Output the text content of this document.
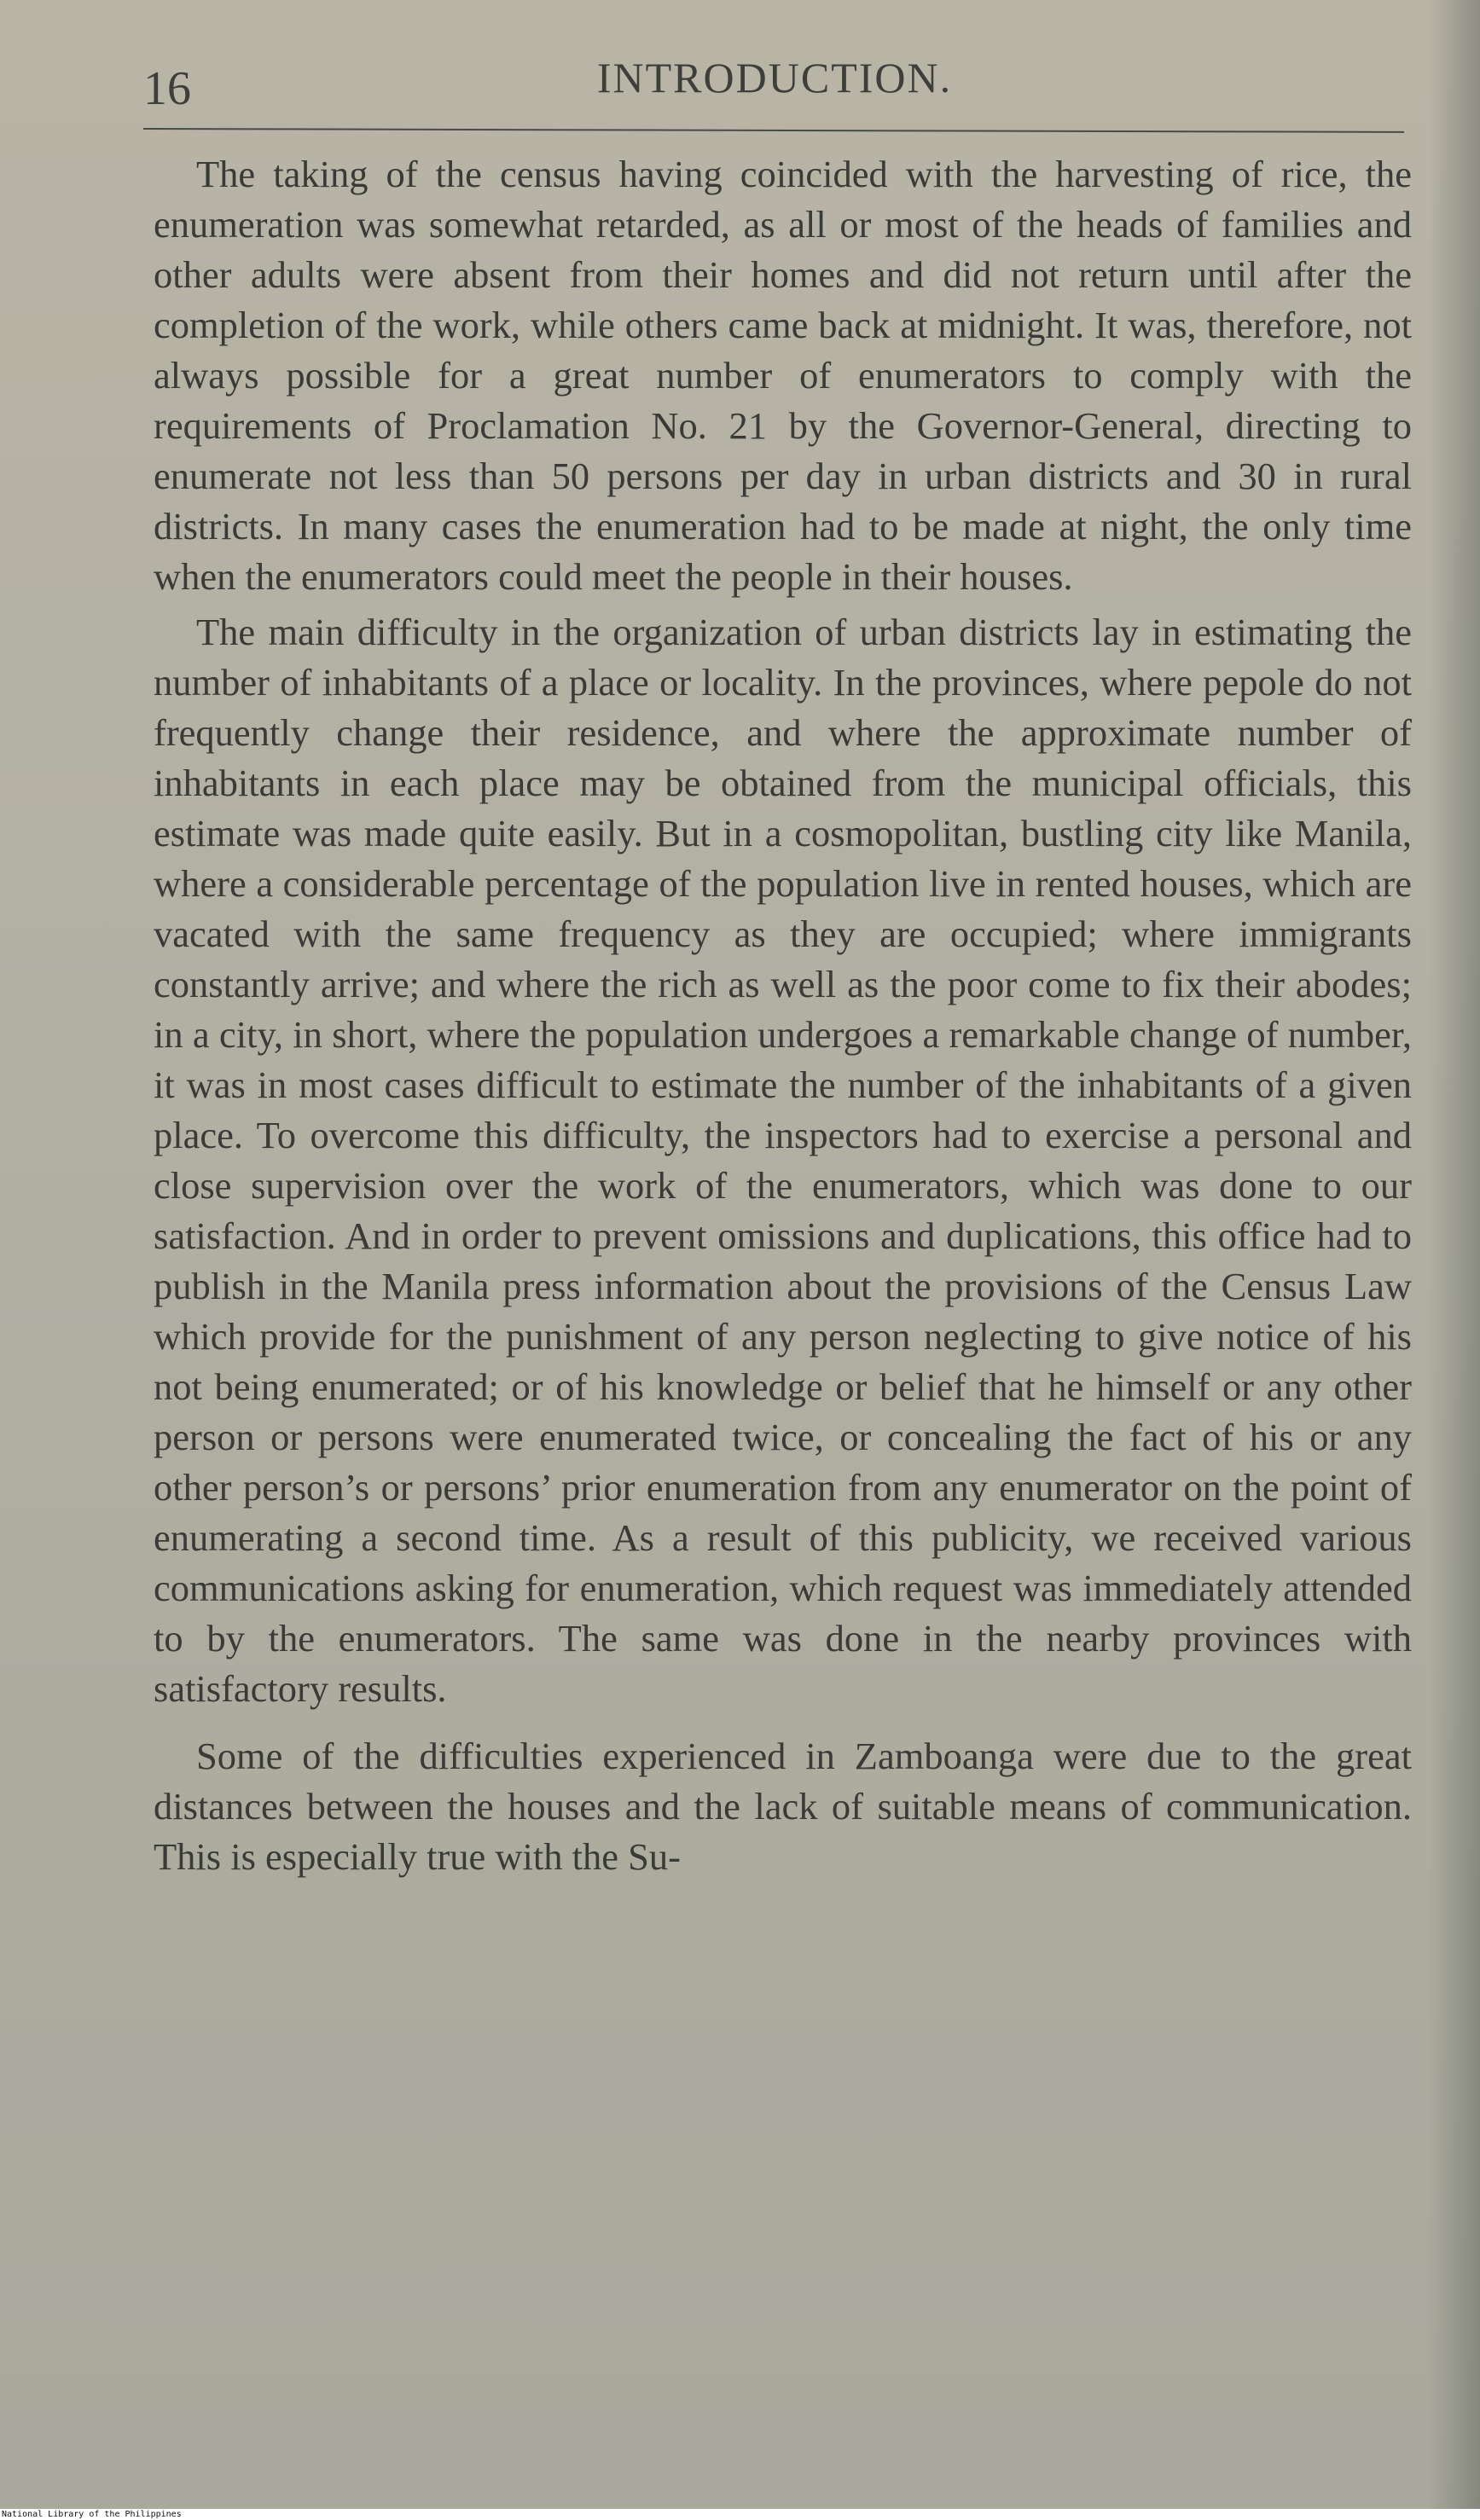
16	INTRODUCTION.

The taking of the census having coincided with the harvesting of rice, the enumeration was somewhat retarded, as all or most of the heads of families and other adults were absent from their homes and did not return until after the completion of the work, while others came back at midnight. It was, therefore, not always possible for a great number of enumerators to comply with the requirements of Proclamation No. 21 by the Governor-General, directing to enumerate not less than 50 persons per day in urban districts and 30 in rural districts. In many cases the enumeration had to be made at night, the only time when the enumerators could meet the people in their houses.

The main difficulty in the organization of urban districts lay in estimating the number of inhabitants of a place or locality. In the provinces, where pepole do not frequently change their residence, and where the approximate number of inhabitants in each place may be obtained from the municipal officials, this estimate was made quite easily. But in a cosmopolitan, bustling city like Manila, where a considerable percentage of the population live in rented houses, which are vacated with the same frequency as they are occupied; where immigrants constantly arrive; and where the rich as well as the poor come to fix their abodes; in a city, in short, where the population undergoes a remarkable change of number, it was in most cases difficult to estimate the number of the inhabitants of a given place. To overcome this difficulty, the inspectors had to exercise a personal and close supervision over the work of the enumerators, which was done to our satisfaction. And in order to prevent omissions and duplications, this office had to publish in the Manila press information about the provisions of the Census Law which provide for the punishment of any person neglecting to give notice of his not being enumerated; or of his knowledge or belief that he himself or any other person or persons were enumerated twice, or concealing the fact of his or any other person’s or persons’ prior enumeration from any enumerator on the point of enumerating a second time. As a result of this publicity, we received various communications asking for enumeration, which request was immediately attended to by the enumerators. The same was done in the nearby provinces with satisfactory results.

Some of the difficulties experienced in Zamboanga were due to the great distances between the houses and the lack of suitable means of communication. This is especially true with the Su-

National Library of the Philippines
